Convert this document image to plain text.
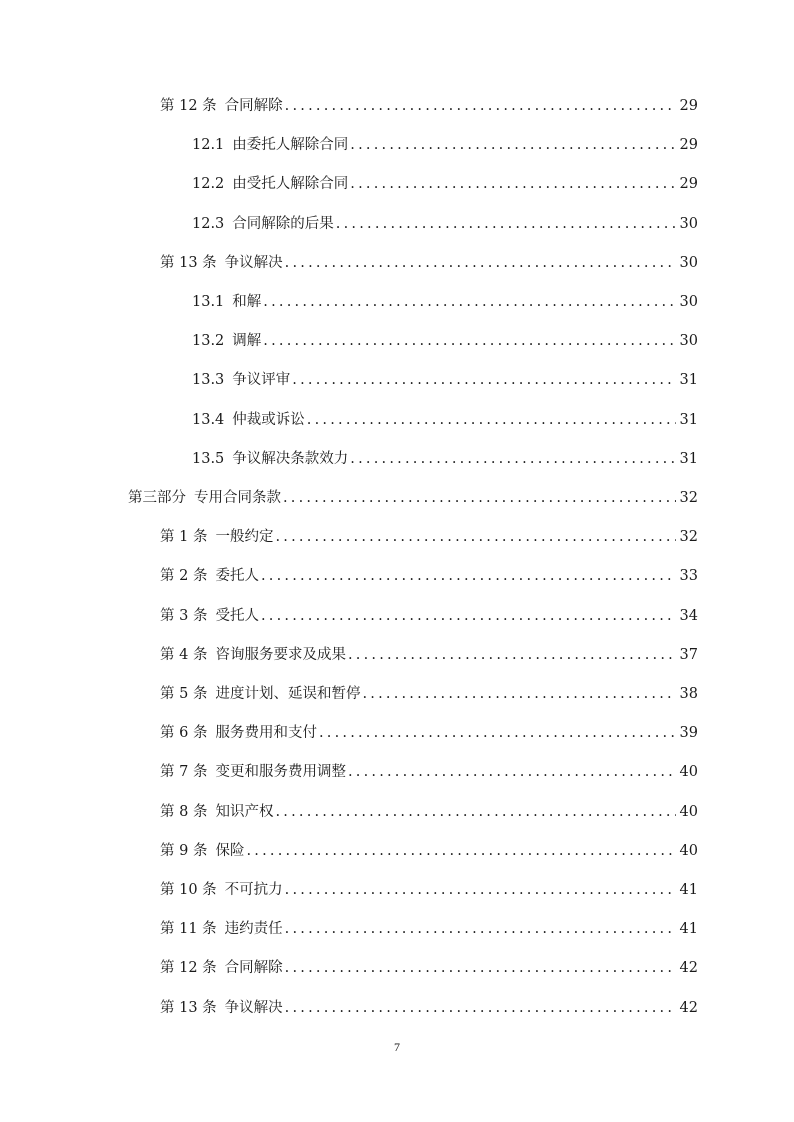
第 12 条 合同解除 .....	29
12.1 由委托人解除合同 .....	29
12.2 由受托人解除合同 .....	29
12.3 合同解除的后果 .....	30
第 13 条 争议解决 .....	30
13.1 和解 .....	30
13.2 调解 .....	30
13.3 争议评审 .....	31
13.4 仲裁或诉讼 .....	31
13.5 争议解决条款效力 .....	31
第三部分 专用合同条款 .....	32
第 1 条 一般约定 .....	32
第 2 条 委托人 .....	33
第 3 条 受托人 .....	34
第 4 条 咨询服务要求及成果 .....	37
第 5 条 进度计划、延误和暂停 .....	38
第 6 条 服务费用和支付 .....	39
第 7 条 变更和服务费用调整 .....	40
第 8 条 知识产权 .....	40
第 9 条 保险 .....	40
第 10 条 不可抗力 .....	41
第 11 条 违约责任 .....	41
第 12 条 合同解除 .....	42
第 13 条 争议解决 .....	42
7
